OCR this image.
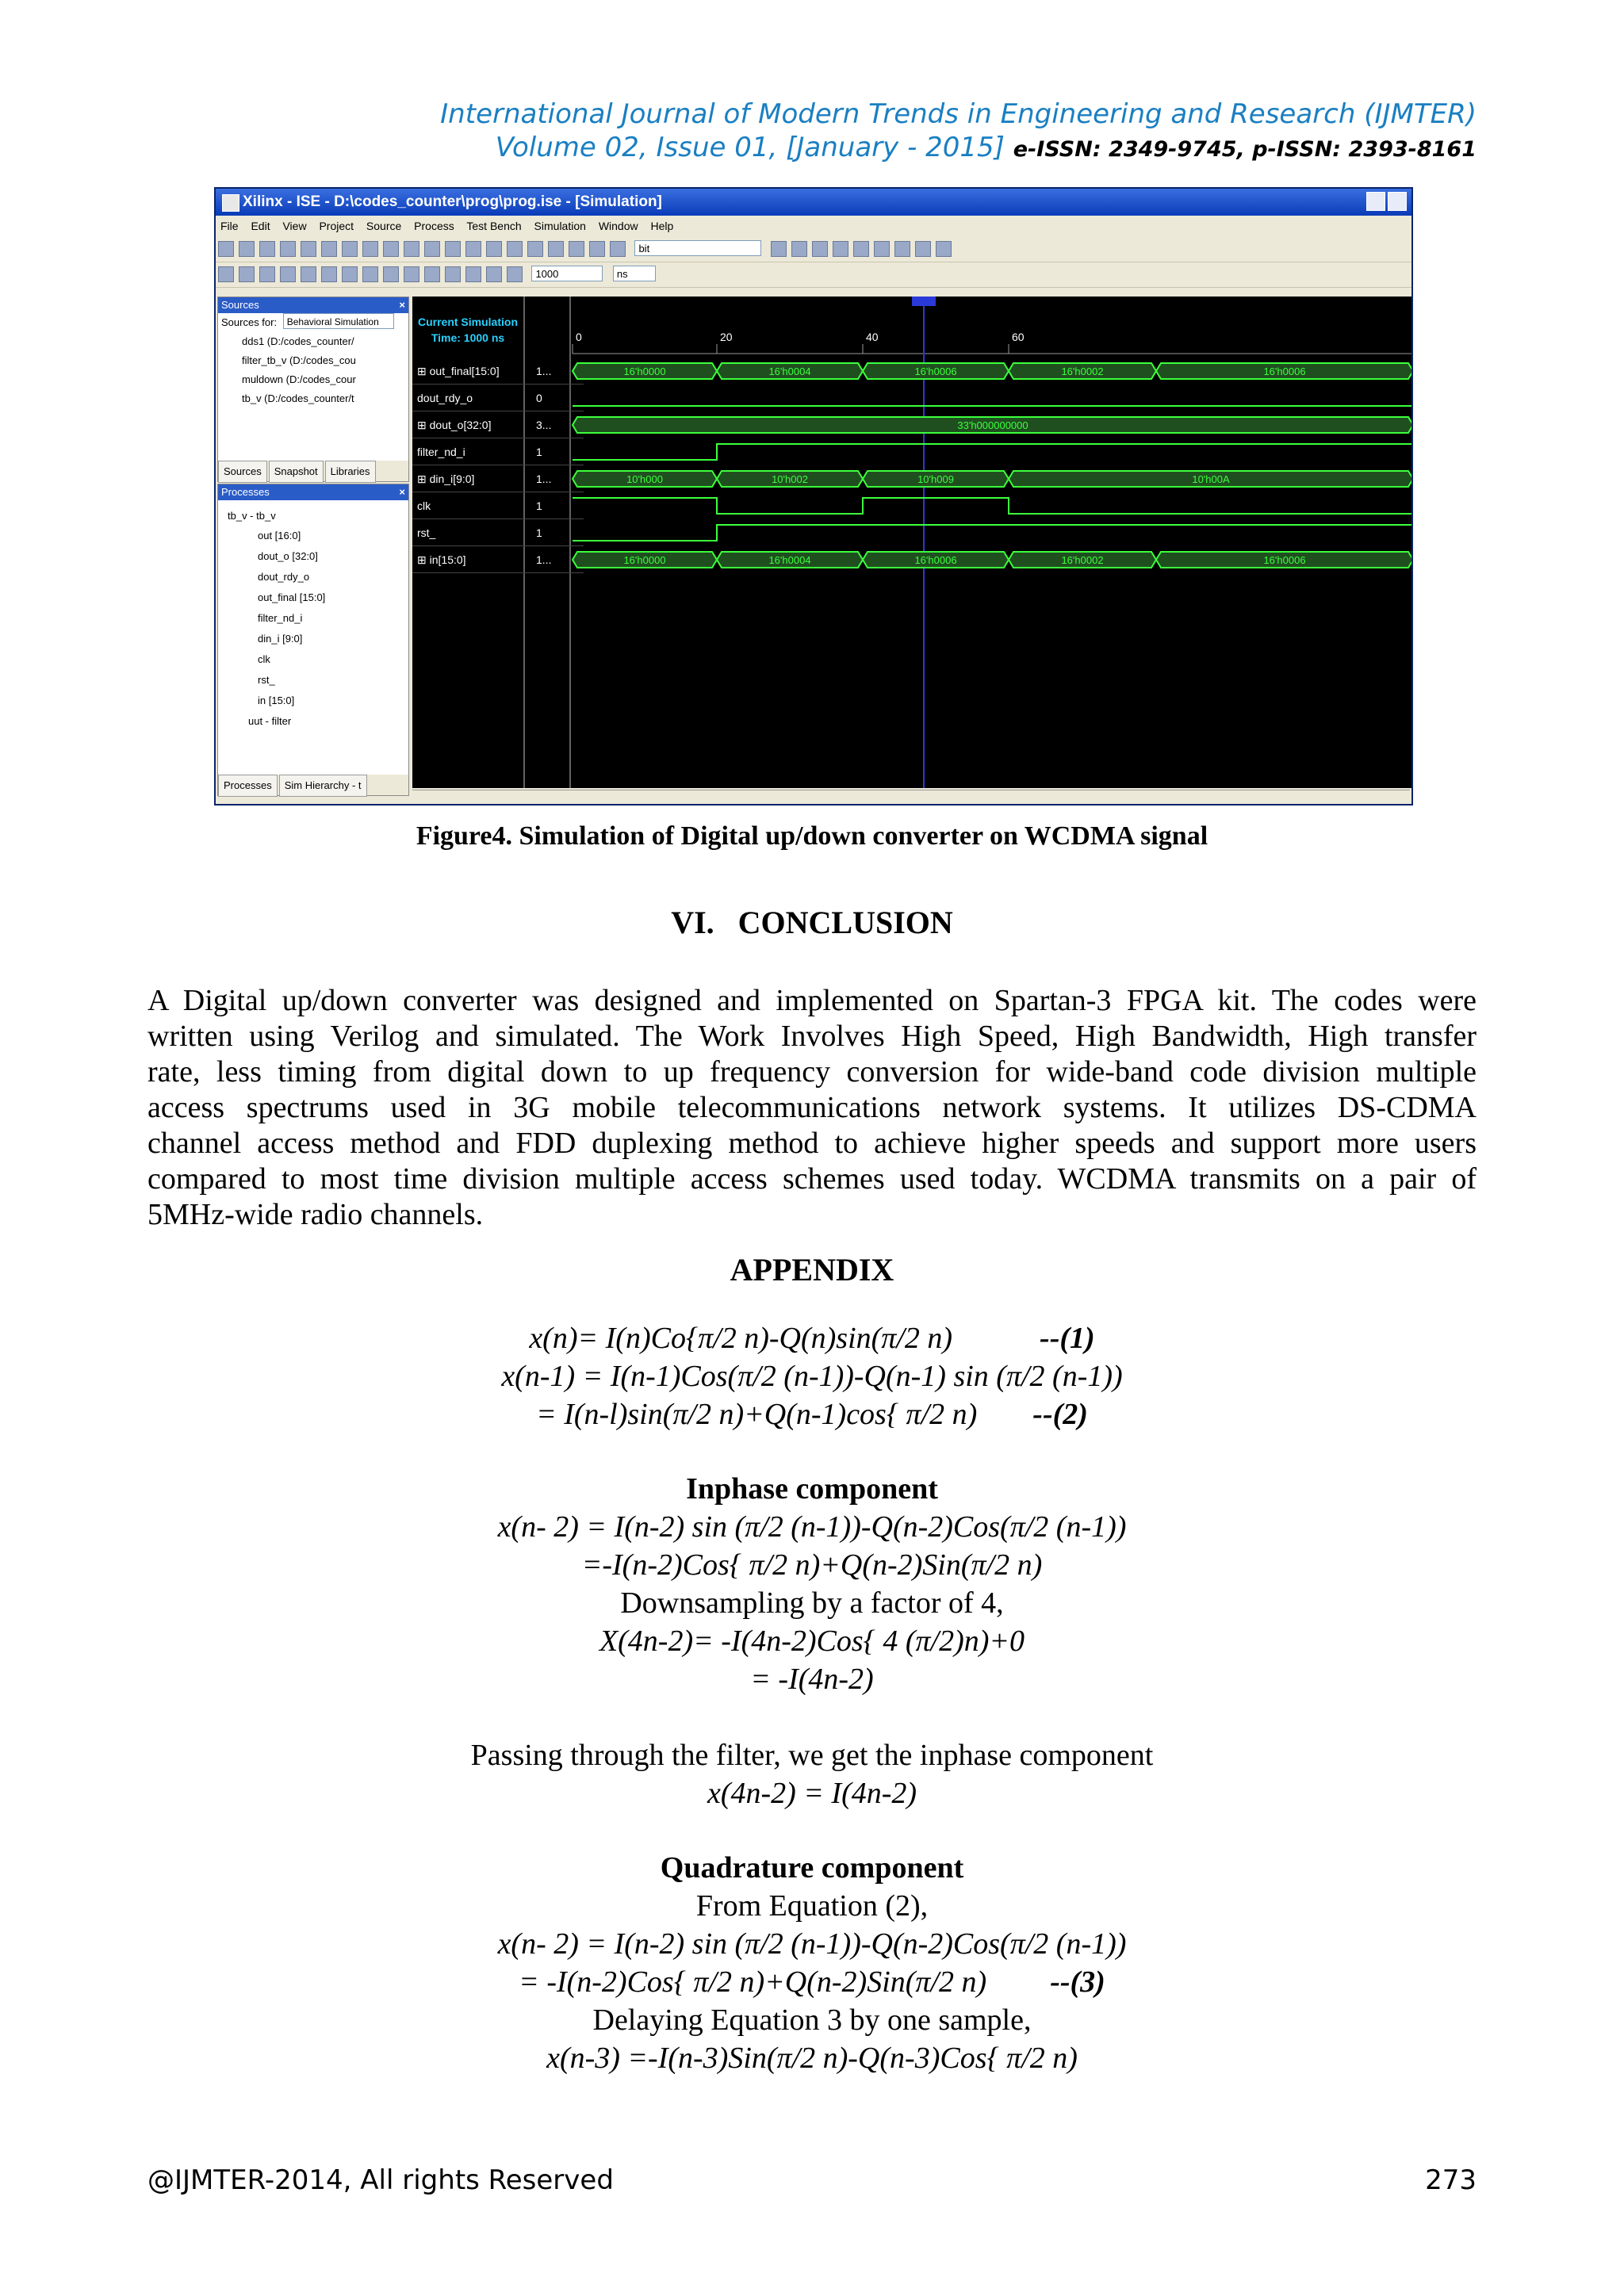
International Journal of Modern Trends in Engineering and Research (IJMTER)
Volume 02, Issue 01, [January - 2015] e-ISSN: 2349-9745, p-ISSN: 2393-8161
Xilinx - ISE - D:\codes_counter\prog\prog.ise - [Simulation]
File Edit View Project Source Process Test Bench Simulation Window Help
bit
1000	ns
Sources	×
Sources for: Behavioral Simulation
dds1 (D:/codes_counter/
filter_tb_v (D:/codes_cou
muldown (D:/codes_cour
tb_v (D:/codes_counter/t
Sources Snapshot Libraries
Processes	×
tb_v - tb_v
out [16:0]
dout_o [32:0]
dout_rdy_o
out_final [15:0]
filter_nd_i
din_i [9:0]
clk
rst_
in [15:0]
uut - filter
Processes Sim Hierarchy - t
Current Simulation
Time: 1000 ns
⊞ out_final[15:0]	1...
dout_rdy_o	0
⊞ dout_o[32:0]	3...
filter_nd_i	1
⊞ din_i[9:0]	1...
clk	1
rst_	1
⊞ in[15:0]	1...
0	20	40	60
16'h0000	16'h0004	16'h0006	16'h0002	16'h0006
33'h000000000
10'h000	10'h002	10'h009	10'h00A
16'h0000	16'h0004	16'h0006	16'h0002	16'h0006
Figure4. Simulation of Digital up/down converter on WCDMA signal
VI.   CONCLUSION
A Digital up/down converter was designed and implemented on Spartan-3 FPGA kit. The codes were
written using Verilog and simulated. The Work Involves High Speed, High Bandwidth, High transfer
rate, less timing from digital down to up frequency conversion for wide-band code division multiple
access spectrums used in 3G mobile telecommunications network systems. It utilizes DS-CDMA
channel access method and FDD duplexing method to achieve higher speeds and support more users
compared to most time division multiple access schemes used today. WCDMA transmits on a pair of
5MHz-wide radio channels.
APPENDIX
x(n)= I(n)Co{π/2 n)-Q(n)sin(π/2 n)	--(1)
x(n-1) = I(n-1)Cos(π/2 (n-1))-Q(n-1) sin (π/2 (n-1))
= I(n-l)sin(π/2 n)+Q(n-1)cos{ π/2 n) --(2)
Inphase component
x(n- 2) = I(n-2) sin (π/2 (n-1))-Q(n-2)Cos(π/2 (n-1))
=-I(n-2)Cos{ π/2 n)+Q(n-2)Sin(π/2 n)
Downsampling by a factor of 4,
X(4n-2)= -I(4n-2)Cos{ 4 (π/2)n)+0
= -I(4n-2)
Passing through the filter, we get the inphase component
x(4n-2) = I(4n-2)
Quadrature component
From Equation (2),
x(n- 2) = I(n-2) sin (π/2 (n-1))-Q(n-2)Cos(π/2 (n-1))
= -I(n-2)Cos{ π/2 n)+Q(n-2)Sin(π/2 n) --(3)
Delaying Equation 3 by one sample,
x(n-3) =-I(n-3)Sin(π/2 n)-Q(n-3)Cos{ π/2 n)
@IJMTER-2014, All rights Reserved	273
